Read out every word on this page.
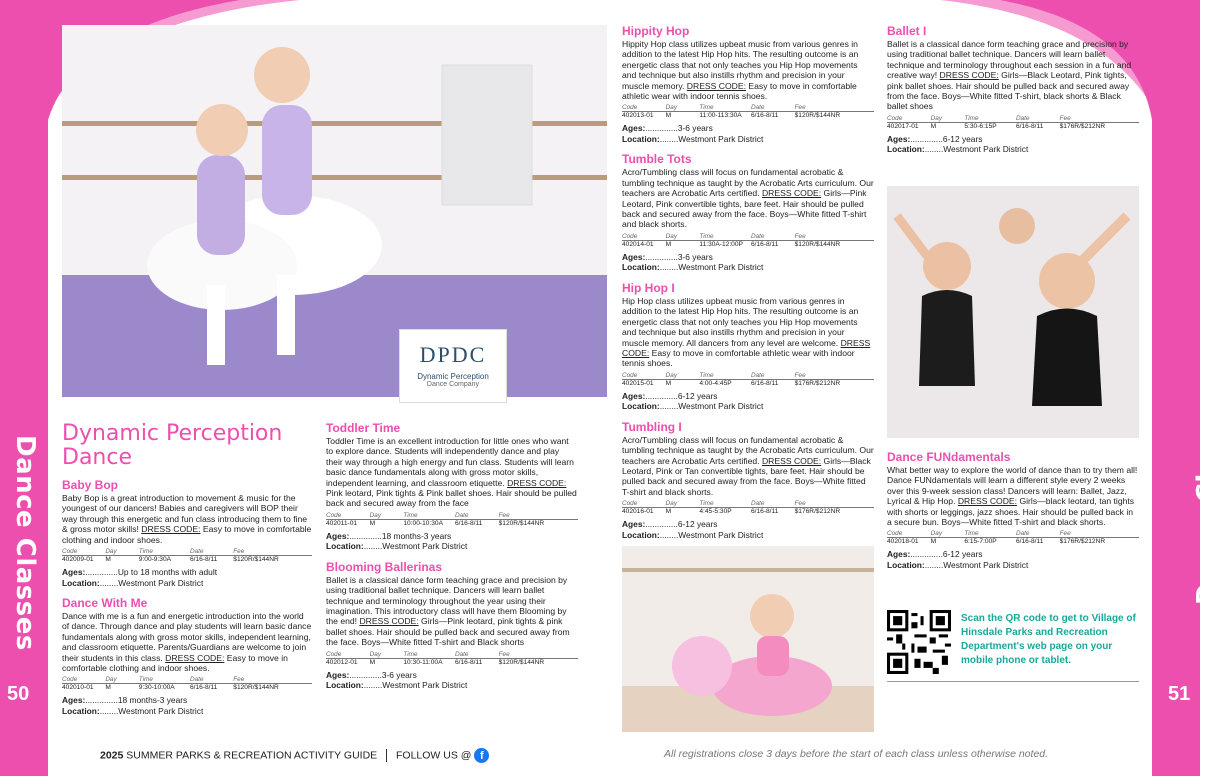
Dance Classes
50
Dance Classes
51
DPDC
Dynamic Perception
Dance Company
Dynamic Perception
Dance
Baby Bop
Baby Bop is a great introduction to movement & music for the youngest of our dancers! Babies and caregivers will BOP their way through this energetic and fun class introducing them to fine & gross motor skills! DRESS CODE: Easy to move in comfortable clothing and indoor shoes.
Code	Day	Time	Date	Fee
402009-01	M	9:00-9:30A	6/16-8/11	$120R/$144NR
Ages:..............Up to 18 months with adult
Location:........Westmont Park District
Dance With Me
Dance with me is a fun and energetic introduction into the world of dance. Through dance and play students will learn basic dance fundamentals along with gross motor skills, independent learning, and classroom etiquette. Parents/Guardians are welcome to join their students in this class. DRESS CODE: Easy to move in comfortable clothing and indoor shoes.
Code	Day	Time	Date	Fee
402010-01	M	9:30-10:00A	6/16-8/11	$120R/$144NR
Ages:..............18 months-3 years
Location:........Westmont Park District
Toddler Time
Toddler Time is an excellent introduction for little ones who want to explore dance. Students will independently dance and play their way through a high energy and fun class. Students will learn basic dance fundamentals along with gross motor skills, independent learning, and classroom etiquette. DRESS CODE: Pink leotard, Pink tights & Pink ballet shoes. Hair should be pulled back and secured away from the face
Code	Day	Time	Date	Fee
402011-01	M	10:00-10:30A	6/16-8/11	$120R/$144NR
Ages:..............18 months-3 years
Location:........Westmont Park District
Blooming Ballerinas
Ballet is a classical dance form teaching grace and precision by using traditional ballet technique. Dancers will learn ballet technique and terminology throughout the year using their imagination. This introductory class will have them Blooming by the end! DRESS CODE: Girls—Pink leotard, pink tights & pink ballet shoes. Hair should be pulled back and secured away from the face. Boys—White fitted T-shirt and Black shorts
Code	Day	Time	Date	Fee
402012-01	M	10:30-11:00A	6/16-8/11	$120R/$144NR
Ages:..............3-6 years
Location:........Westmont Park District
Hippity Hop
Hippity Hop class utilizes upbeat music from various genres in addition to the latest Hip Hop hits. The resulting outcome is an energetic class that not only teaches you Hip Hop movements and technique but also instills rhythm and precision in your muscle memory. DRESS CODE: Easy to move in comfortable athletic wear with indoor tennis shoes.
Code	Day	Time	Date	Fee
402013-01	M	11:00-113:30A	6/16-8/11	$120R/$144NR
Ages:..............3-6 years
Location:........Westmont Park District
Tumble Tots
Acro/Tumbling class will focus on fundamental acrobatic & tumbling technique as taught by the Acrobatic Arts curriculum. Our teachers are Acrobatic Arts certified. DRESS CODE: Girls—Pink Leotard, Pink convertible tights, bare feet. Hair should be pulled back and secured away from the face. Boys—White fitted T-shirt and black shorts.
Code	Day	Time	Date	Fee
402014-01	M	11:30A-12:00P	6/16-8/11	$120R/$144NR
Ages:..............3-6 years
Location:........Westmont Park District
Hip Hop I
Hip Hop class utilizes upbeat music from various genres in addition to the latest Hip Hop hits. The resulting outcome is an energetic class that not only teaches you Hip Hop movements and technique but also instills rhythm and precision in your muscle memory. All dancers from any level are welcome. DRESS CODE: Easy to move in comfortable athletic wear with indoor tennis shoes.
Code	Day	Time	Date	Fee
402015-01	M	4:00-4:45P	6/16-8/11	$176R/$212NR
Ages:..............6-12 years
Location:........Westmont Park District
Tumbling I
Acro/Tumbling class will focus on fundamental acrobatic & tumbling technique as taught by the Acrobatic Arts curriculum. Our teachers are Acrobatic Arts certified. DRESS CODE: Girls—Black Leotard, Pink or Tan convertible tights, bare feet. Hair should be pulled back and secured away from the face. Boys—White fitted T-shirt and black shorts.
Code	Day	Time	Date	Fee
402016-01	M	4:45-5:30P	6/16-8/11	$176R/$212NR
Ages:..............6-12 years
Location:........Westmont Park District
Ballet I
Ballet is a classical dance form teaching grace and precision by using traditional ballet technique. Dancers will learn ballet technique and terminology throughout each session in a fun and creative way! DRESS CODE: Girls—Black Leotard, Pink tights, pink ballet shoes. Hair should be pulled back and secured away from the face. Boys—White fitted T-shirt, black shorts & Black ballet shoes
Code	Day	Time	Date	Fee
402017-01	M	5:30-6:15P	6/16-8/11	$176R/$212NR
Ages:..............6-12 years
Location:........Westmont Park District
Dance FUNdamentals
What better way to explore the world of dance than to try them all! Dance FUNdamentals will learn a different style every 2 weeks over this 9-week session class! Dancers will learn: Ballet, Jazz, Lyrical & Hip Hop. DRESS CODE: Girls—black leotard, tan tights with shorts or leggings, jazz shoes. Hair should be pulled back in a secure bun. Boys—White fitted T-shirt and black shorts.
Code	Day	Time	Date	Fee
402018-01	M	6:15-7:00P	6/16-8/11	$176R/$212NR
Ages:..............6-12 years
Location:........Westmont Park District
Scan the QR code to get to Village of Hinsdale Parks and Recreation Department's web page on your mobile phone or tablet.
2025 SUMMER PARKS & RECREATION ACTIVITY GUIDE FOLLOW US @ f	All registrations close 3 days before the start of each class unless otherwise noted.
